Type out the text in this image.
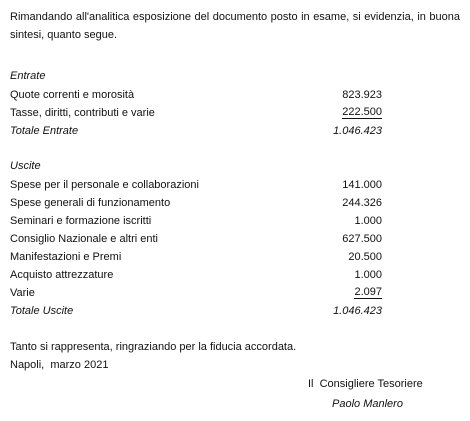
Rimandando all'analitica esposizione del documento posto in esame, si evidenzia, in buona
sintesi, quanto segue.
Entrate
Quote correnti e morosità	823.923
Tasse, diritti, contributi e varie	222.500
Totale Entrate	1.046.423
Uscite
Spese per il personale e collaborazioni	141.000
Spese generali di funzionamento	244.326
Seminari e formazione iscritti	1.000
Consiglio Nazionale e altri enti	627.500
Manifestazioni e Premi	20.500
Acquisto attrezzature	1.000
Varie	2.097
Totale Uscite	1.046.423
Tanto si rappresenta, ringraziando per la fiducia accordata.
Napoli,  marzo 2021
Il  Consigliere Tesoriere
Paolo Manlero
